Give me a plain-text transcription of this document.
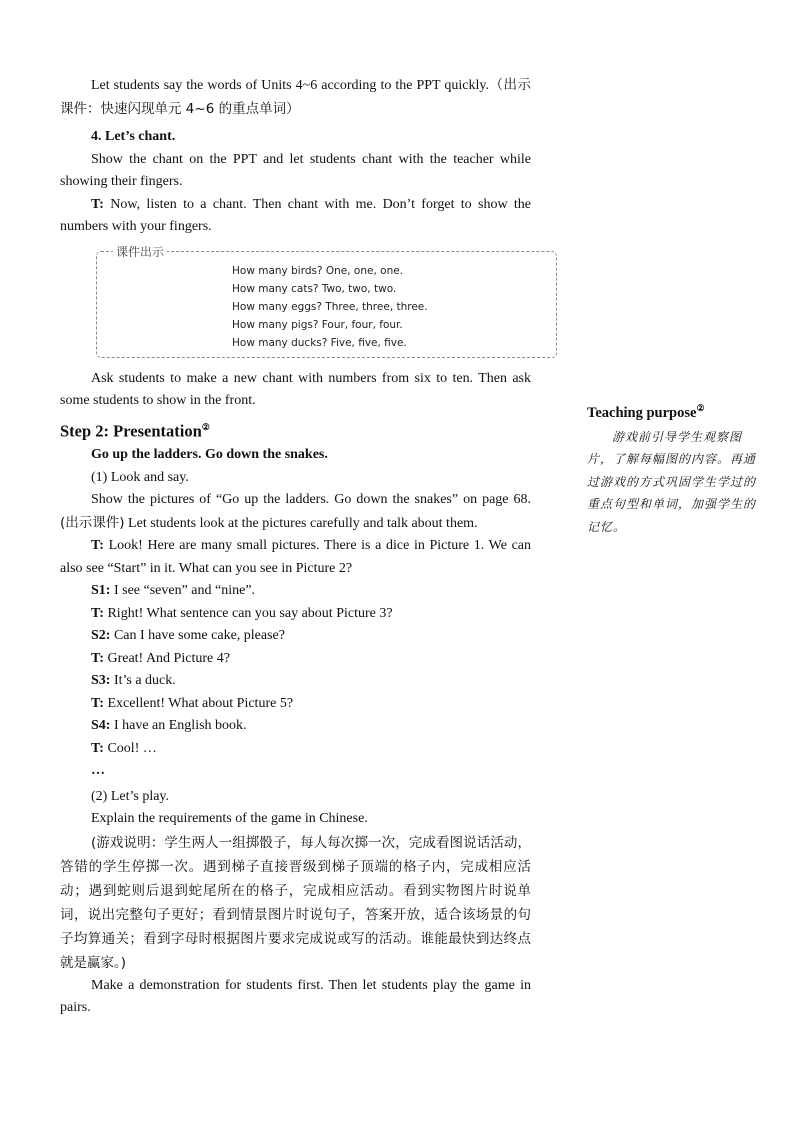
Let students say the words of Units 4~6 according to the PPT quickly.（出示课件：快速闪现单元 4~6 的重点单词）

4. Let’s chant.

Show the chant on the PPT and let students chant with the teacher while showing their fingers.

T: Now, listen to a chant. Then chant with me. Don’t forget to show the numbers with your fingers.

课件出示
How many birds? One, one, one.
How many cats? Two, two, two.
How many eggs? Three, three, three.
How many pigs? Four, four, four.
How many ducks? Five, five, five.

Ask students to make a new chant with numbers from six to ten. Then ask some students to show in the front.

Step 2: Presentation②

Go up the ladders. Go down the snakes.

(1) Look and say.

Show the pictures of “Go up the ladders. Go down the snakes” on page 68. (出示课件) Let students look at the pictures carefully and talk about them.

T: Look! Here are many small pictures. There is a dice in Picture 1. We can also see “Start” in it. What can you see in Picture 2?

S1: I see “seven” and “nine”.

T: Right! What sentence can you say about Picture 3?

S2: Can I have some cake, please?

T: Great! And Picture 4?

S3: It’s a duck.

T: Excellent! What about Picture 5?

S4: I have an English book.

T: Cool! …

…

(2) Let’s play.

Explain the requirements of the game in Chinese.

(游戏说明：学生两人一组掷骰子，每人每次掷一次，完成看图说话活动，答错的学生停掷一次。遇到梯子直接晋级到梯子顶端的格子内，完成相应活动；遇到蛇则后退到蛇尾所在的格子，完成相应活动。看到实物图片时说单词，说出完整句子更好；看到情景图片时说句子，答案开放，适合该场景的句子均算通关；看到字母时根据图片要求完成说或写的活动。谁能最快到达终点就是赢家。)

Make a demonstration for students first. Then let students play the game in pairs.

Teaching purpose②

游戏前引导学生观察图片，了解每幅图的内容。再通过游戏的方式巩固学生学过的重点句型和单词，加强学生的记忆。
